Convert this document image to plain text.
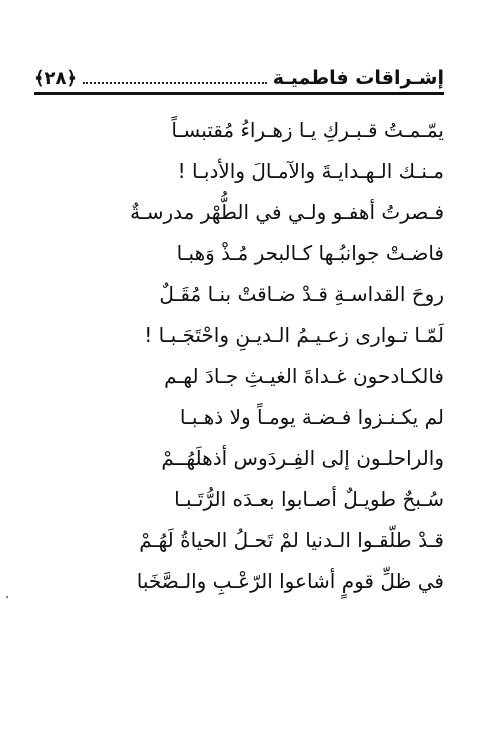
إشـراقات فاطميـة
﴿٢٨﴾
يمّـمـتُ قـبـركِ يـا زهـراءُ مُقتبسـاً
مـنـك الـهـدايـةَ والآمـالَ والأدبـا !
فـصرتُ أهفـو ولـي في الطُّهْر مدرسـةٌ
فاضـتْ جوانبُـها كـالبحر مُـذْ وَهبـا
روحَ القداسـةِ قـدْ ضـاقتْ بنـا مُقَـلٌ
لَمّـا تـوارى زعـيـمُ الـديـنِ واحْتَجَـبـا !
فالكـادحون غـداةَ الغيـثِ جـادَ لهـم
لم يكـنـزوا فـضـة يومـاً ولا ذهـبـا
والراحلـون إلى الفِـردَوس أذهلَهُــمْ
سُـبحٌ طويـلٌ أصـابوا بعـدَه الرُّتَـبـا
قـدْ طلّقـوا الـدنيا لمْ تَحـلُ الحياةُ لَهُـمْ
في ظلِّ قومٍ أشاعوا الرّعْـبِ والـصَّخَبا
